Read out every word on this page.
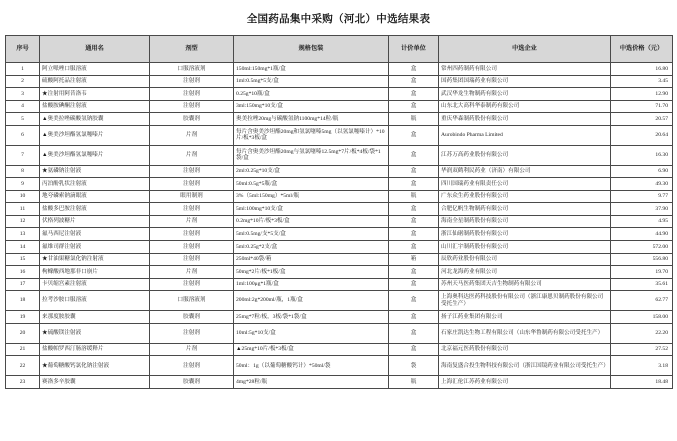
全国药品集中采购（河北）中选结果表
序号	通用名	剂型	规格包装	计价单位	中选企业	中选价格（元）
1	阿立哌唑口服溶液	口服溶液剂	150ml:150mg*1瓶/盒	盒	常州四药制药有限公司	16.80
2	硫酸阿托品注射液	注射剂	1ml:0.5mg*5支/盒	盒	国药集团国瑞药业有限公司	3.45
3	★注射用阿昔洛韦	注射剂	0.25g*10瓶/盒	盒	武汉华龙生物制药有限公司	12.90
4	盐酸胺碘酮注射液	注射剂	3ml:150mg*10支/盒	盒	山东北大高科华泰制药有限公司	71.70
5	▲奥美拉唑碳酸氢钠胶囊	胶囊剂	奥美拉唑20mg与碳酸氢钠1100mg*14粒/瓶	瓶	重庆华森制药股份有限公司	20.57
6	▲奥美沙坦酯氢氯噻嗪片	片剂	每片含奥美沙坦酯20mg和氢氯噻嗪5mg（以氢氯噻嗪计）*10片/板*3板/盒	盒	Aurobindo Pharma Limited	20.64
7	▲奥美沙坦酯氢氯噻嗪片	片剂	每片含奥美沙坦酯20mg与氢氯噻嗪12.5mg*7片/板*4板/袋*1袋/盒	盒	江苏万高药业股份有限公司	16.30
8	★氨磷钠注射液	注射剂	2ml:0.25g*10支/盒	盒	华润双鹤利民药业（济南）有限公司	6.90
9	丙泊酚乳状注射液	注射剂	50ml:0.5g*5瓶/盒	盒	四川国瑞药业有限责任公司	49.30
10	地夸磷索钠滴眼液	眼用制剂	3%（5ml:150mg）*5ml/瓶	瓶	广东众生药业股份有限公司	9.77
11	盐酸多巴胺注射液	注射剂	5ml:100mg*10支/盒	盒	合肥亿帆生物制药有限公司	37.90
12	伏格列波糖片	片剂	0.2mg*10片/板*3板/盒	盒	海南全星制药股份有限公司	4.95
13	氟马西尼注射液	注射剂	5ml:0.5mg/支*5支/盒	盒	浙江仙琚制药股份有限公司	44.90
14	氟维司群注射液	注射剂	5ml:0.25g*2支/盒	盒	山川汇宇制药股份有限公司	572.00
15	★甘油果糖氯化钠注射液	注射剂	250ml*40袋/箱	箱	辰欣药业股份有限公司	556.80
16	枸橼酸西地那非口崩片	片剂	50mg*2片/板*1板/盒	盒	河北龙海药业有限公司	19.70
17	卡贝缩宫素注射液	注射剂	1ml:100μg*1瓶/盒	盒	苏州天马医药集团天吉生物制药有限公司	35.61
18	拉考沙胺口服溶液	口服溶液剂	200ml:2g*200ml/瓶，1瓶/盒	盒	上海奥科达医药科技股份有限公司（浙江康恩贝制药股份有限公司受托生产）	62.77
19	来那度胺胶囊	胶囊剂	25mg*7粒/板，3板/袋*1袋/盒	盒	扬子江药业集团有限公司	158.00
20	★硫酸镁注射液	注射剂	10ml:5g*10支/盒	盒	石家庄凯达生物工程有限公司（山东华鲁制药有限公司受托生产）	22.20
21	盐酸帕罗西汀肠溶缓释片	片剂	▲25mg*10片/板*3板/盒	盒	北京福元医药股份有限公司	27.52
22	★葡萄糖酸钙氯化钠注射液	注射剂	50ml：1g（以葡萄糖酸钙计）*50ml/袋	袋	海南复盛合投生物科技有限公司（浙江国镜药业有限公司受托生产）	3.18
23	赛洛多辛胶囊	胶囊剂	4mg*28粒/瓶	瓶	上海汇伦江苏药业有限公司	18.48
